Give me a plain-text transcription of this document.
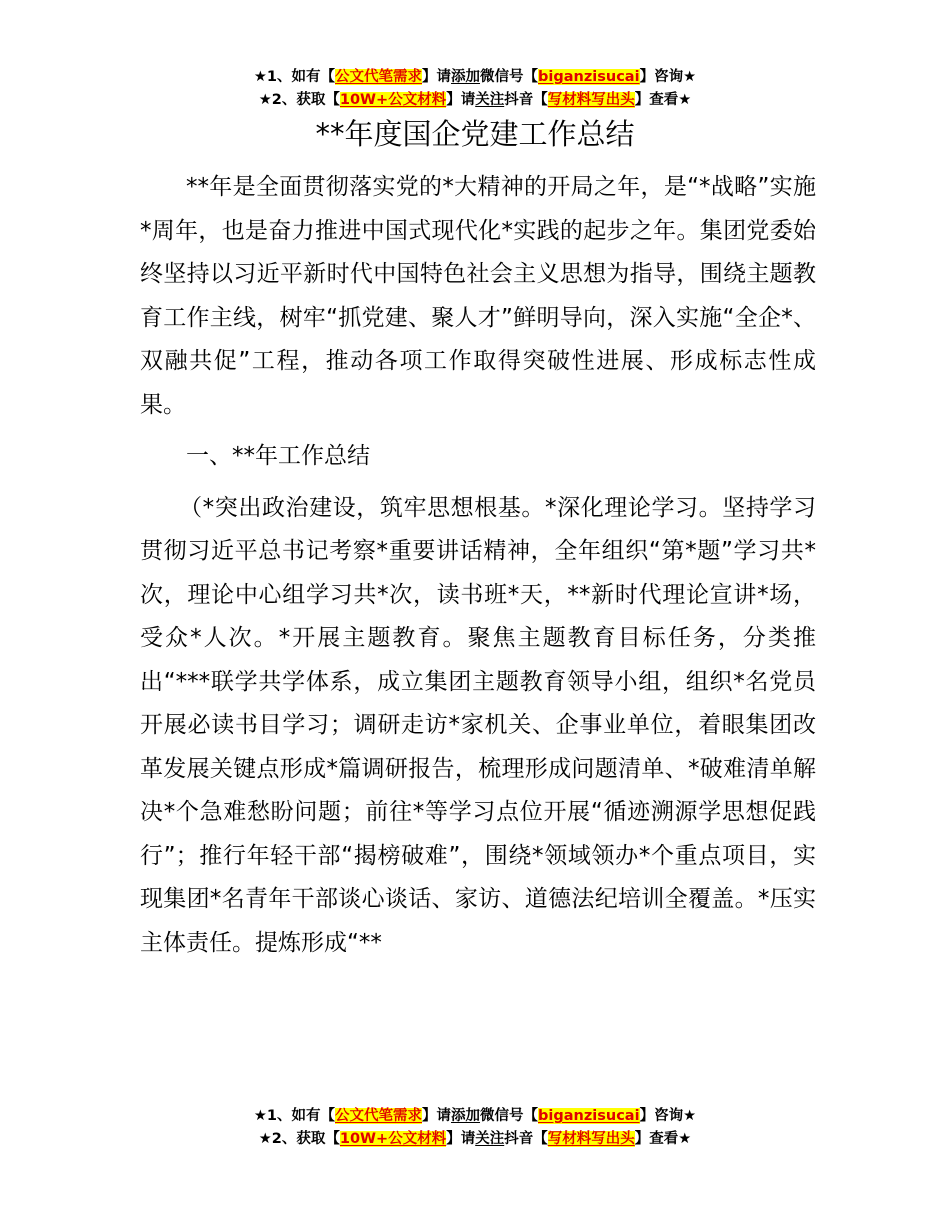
★1、如有【公文代笔需求】请添加微信号【biganzisucai】咨询★
★2、获取【10W+公文材料】请关注抖音【写材料写出头】查看★
**年度国企党建工作总结

**年是全面贯彻落实党的*大精神的开局之年，是“*战略”实施*周年，也是奋力推进中国式现代化*实践的起步之年。集团党委始终坚持以习近平新时代中国特色社会主义思想为指导，围绕主题教育工作主线，树牢“抓党建、聚人才”鲜明导向，深入实施“全企*、双融共促”工程，推动各项工作取得突破性进展、形成标志性成果。

一、**年工作总结

（*突出政治建设，筑牢思想根基。*深化理论学习。坚持学习贯彻习近平总书记考察*重要讲话精神，全年组织“第*题”学习共*次，理论中心组学习共*次，读书班*天，**新时代理论宣讲*场，受众*人次。*开展主题教育。聚焦主题教育目标任务，分类推出“***联学共学体系，成立集团主题教育领导小组，组织*名党员开展必读书目学习；调研走访*家机关、企事业单位，着眼集团改革发展关键点形成*篇调研报告，梳理形成问题清单、*破难清单解决*个急难愁盼问题；前往*等学习点位开展“循迹溯源学思想促践行”；推行年轻干部“揭榜破难”，围绕*领域领办*个重点项目，实现集团*名青年干部谈心谈话、家访、道德法纪培训全覆盖。*压实主体责任。提炼形成“**

★1、如有【公文代笔需求】请添加微信号【biganzisucai】咨询★
★2、获取【10W+公文材料】请关注抖音【写材料写出头】查看★
